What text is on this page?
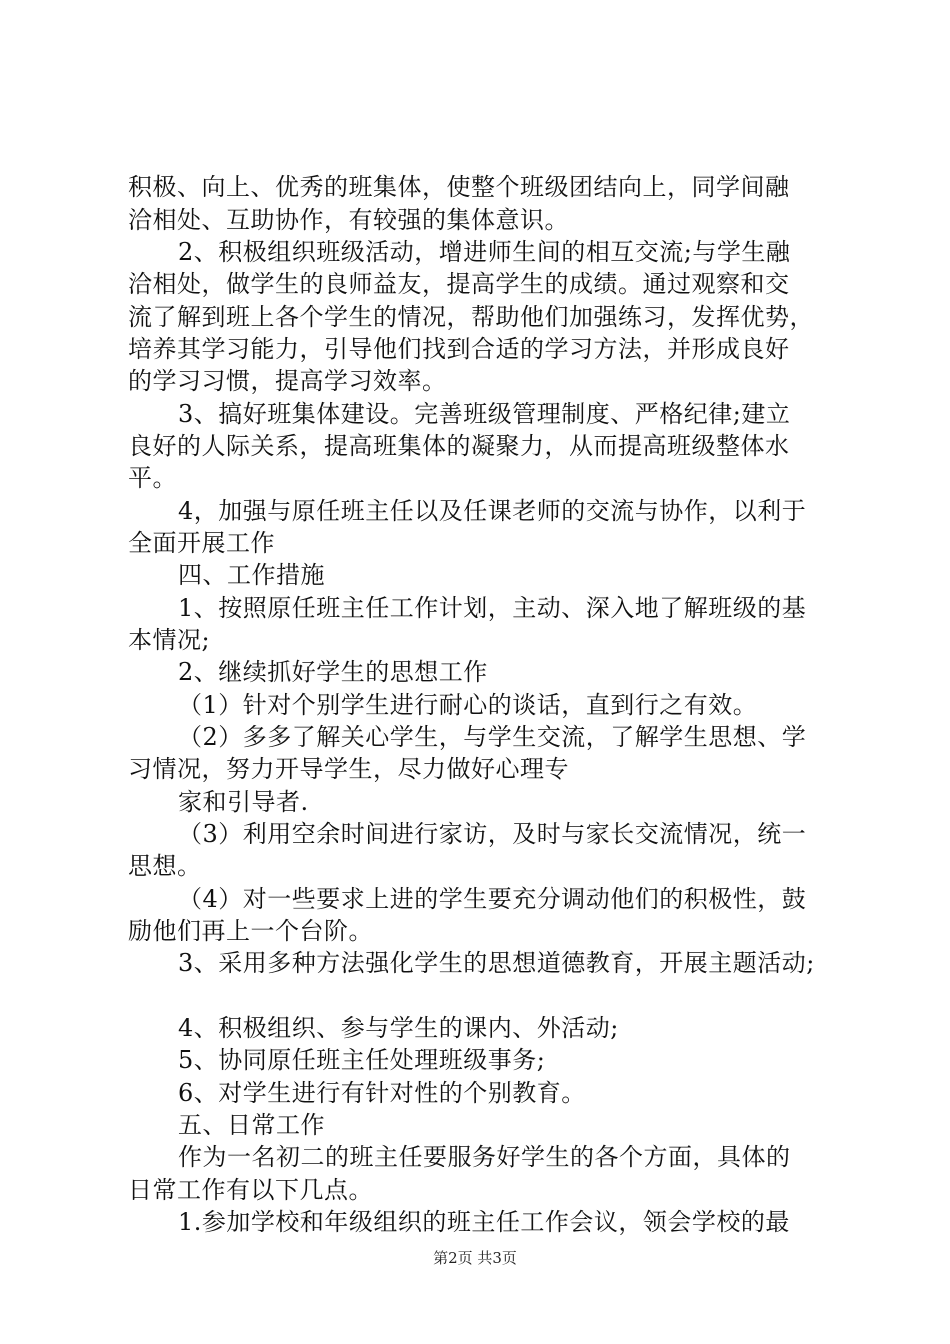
积极、向上、优秀的班集体，使整个班级团结向上，同学间融
洽相处、互助协作，有较强的集体意识。
2、积极组织班级活动，增进师生间的相互交流;与学生融
洽相处，做学生的良师益友，提高学生的成绩。通过观察和交
流了解到班上各个学生的情况，帮助他们加强练习，发挥优势，
培养其学习能力，引导他们找到合适的学习方法，并形成良好
的学习习惯，提高学习效率。
3、搞好班集体建设。完善班级管理制度、严格纪律;建立
良好的人际关系，提高班集体的凝聚力，从而提高班级整体水
平。
4，加强与原任班主任以及任课老师的交流与协作，以利于
全面开展工作
四、工作措施
1、按照原任班主任工作计划，主动、深入地了解班级的基
本情况;
2、继续抓好学生的思想工作
（1）针对个别学生进行耐心的谈话，直到行之有效。
（2）多多了解关心学生，与学生交流，了解学生思想、学
习情况，努力开导学生，尽力做好心理专
家和引导者.
（3）利用空余时间进行家访，及时与家长交流情况，统一
思想。
（4）对一些要求上进的学生要充分调动他们的积极性，鼓
励他们再上一个台阶。
3、采用多种方法强化学生的思想道德教育，开展主题活动;
4、积极组织、参与学生的课内、外活动;
5、协同原任班主任处理班级事务;
6、对学生进行有针对性的个别教育。
五、日常工作
作为一名初二的班主任要服务好学生的各个方面，具体的
日常工作有以下几点。
1.参加学校和年级组织的班主任工作会议，领会学校的最
第2页 共3页
